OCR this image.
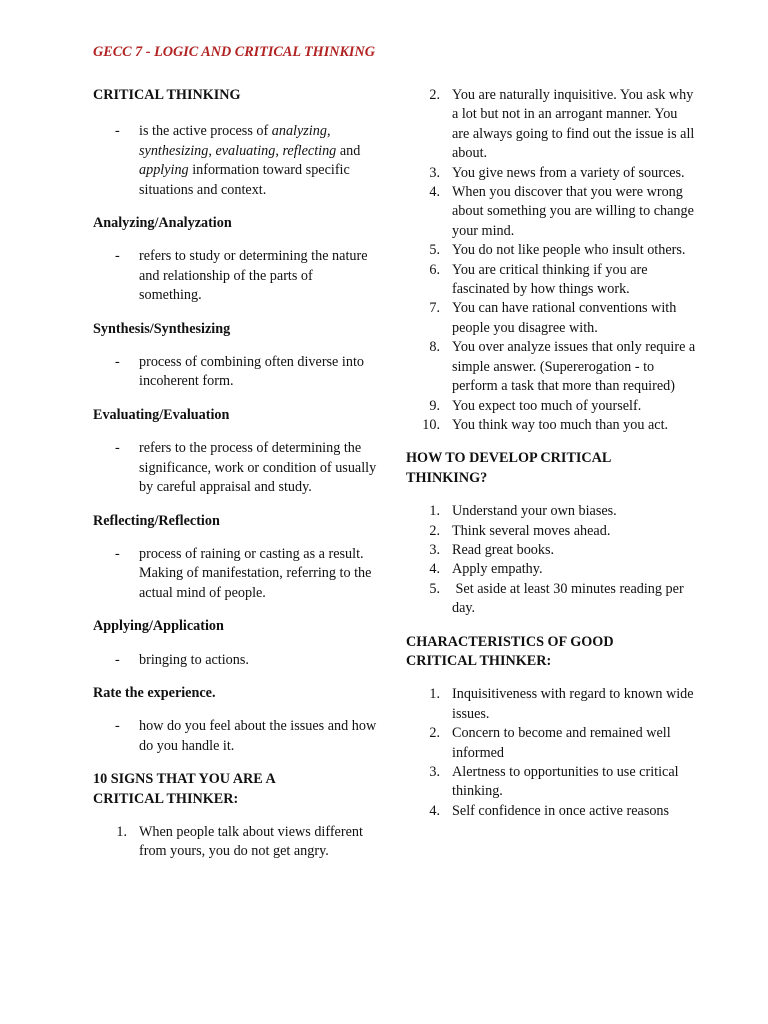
GECC 7 - LOGIC AND CRITICAL THINKING
CRITICAL THINKING
- is the active process of analyzing, synthesizing, evaluating, reflecting and applying information toward specific situations and context.
Analyzing/Analyzation
- refers to study or determining the nature and relationship of the parts of something.
Synthesis/Synthesizing
- process of combining often diverse into incoherent form.
Evaluating/Evaluation
- refers to the process of determining the significance, work or condition of usually by careful appraisal and study.
Reflecting/Reflection
- process of raining or casting as a result. Making of manifestation, referring to the actual mind of people.
Applying/Application
- bringing to actions.
Rate the experience.
- how do you feel about the issues and how do you handle it.
10 SIGNS THAT YOU ARE A CRITICAL THINKER:
1. When people talk about views different from yours, you do not get angry.
2. You are naturally inquisitive. You ask why a lot but not in an arrogant manner. You are always going to find out the issue is all about.
3. You give news from a variety of sources.
4. When you discover that you were wrong about something you are willing to change your mind.
5. You do not like people who insult others.
6. You are critical thinking if you are fascinated by how things work.
7. You can have rational conventions with people you disagree with.
8. You over analyze issues that only require a simple answer. (Supererogation - to perform a task that more than required)
9. You expect too much of yourself.
10. You think way too much than you act.
HOW TO DEVELOP CRITICAL THINKING?
1. Understand your own biases.
2. Think several moves ahead.
3. Read great books.
4. Apply empathy.
5. Set aside at least 30 minutes reading per day.
CHARACTERISTICS OF GOOD CRITICAL THINKER:
1. Inquisitiveness with regard to known wide issues.
2. Concern to become and remained well informed
3. Alertness to opportunities to use critical thinking.
4. Self confidence in once active reasons
